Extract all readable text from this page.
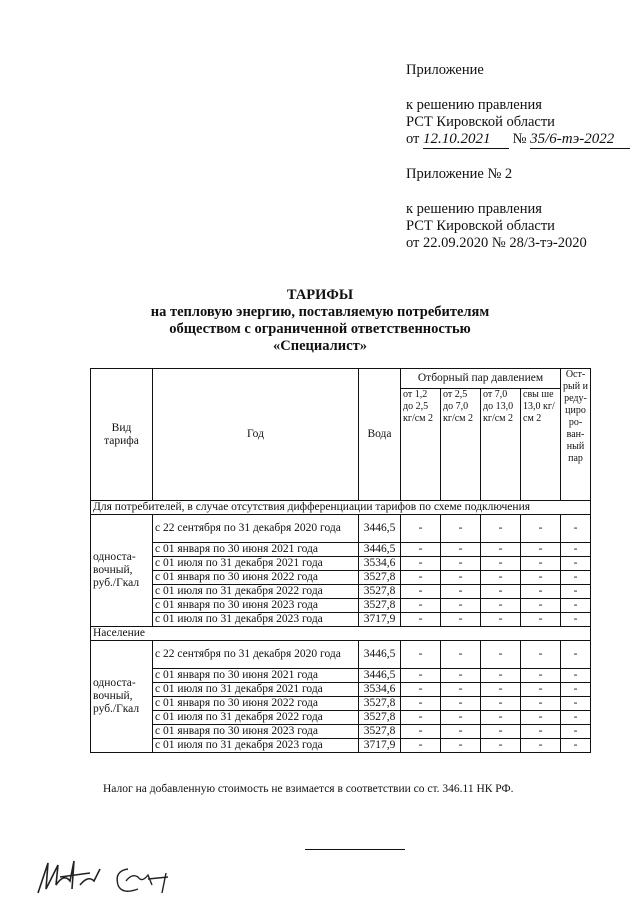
Приложение
к решению правления
РСТ Кировской области
от 12.10.2021 № 35/6-тэ-2022
Приложение № 2
к решению правления
РСТ Кировской области
от 22.09.2020 № 28/3-тэ-2020
ТАРИФЫ
на тепловую энергию, поставляемую потребителям
обществом с ограниченной ответственностью
«Специалист»
Вид тарифа	Год	Вода	Отборный пар давлением				Ост- рый и реду- циро ро- ван- ный пар
			от 1,2 до 2,5 кг/см 2	от 2,5 до 7,0 кг/см 2	от 7,0 до 13,0 кг/см 2	свы ше 13,0 кг/см 2	
Для потребителей, в случае отсутствия дифференциации тарифов по схеме подключения							
односта- вочный, руб./Гкал	с 22 сентября по 31 декабря 2020 года	3446,5	-	-	-	-	-
	с 01 января по 30 июня 2021 года	3446,5	-	-	-	-	-
	с 01 июля по 31 декабря 2021 года	3534,6	-	-	-	-	-
	с 01 января по 30 июня 2022 года	3527,8	-	-	-	-	-
	с 01 июля по 31 декабря 2022 года	3527,8	-	-	-	-	-
	с 01 января по 30 июня 2023 года	3527,8	-	-	-	-	-
	с 01 июля по 31 декабря 2023 года	3717,9	-	-	-	-	-
Население							
односта- вочный, руб./Гкал	с 22 сентября по 31 декабря 2020 года	3446,5	-	-	-	-	-
	с 01 января по 30 июня 2021 года	3446,5	-	-	-	-	-
	с 01 июля по 31 декабря 2021 года	3534,6	-	-	-	-	-
	с 01 января по 30 июня 2022 года	3527,8	-	-	-	-	-
	с 01 июля по 31 декабря 2022 года	3527,8	-	-	-	-	-
	с 01 января по 30 июня 2023 года	3527,8	-	-	-	-	-
	с 01 июля по 31 декабря 2023 года	3717,9	-	-	-	-	-
Налог на добавленную стоимость не взимается в соответствии со ст. 346.11 НК РФ.
